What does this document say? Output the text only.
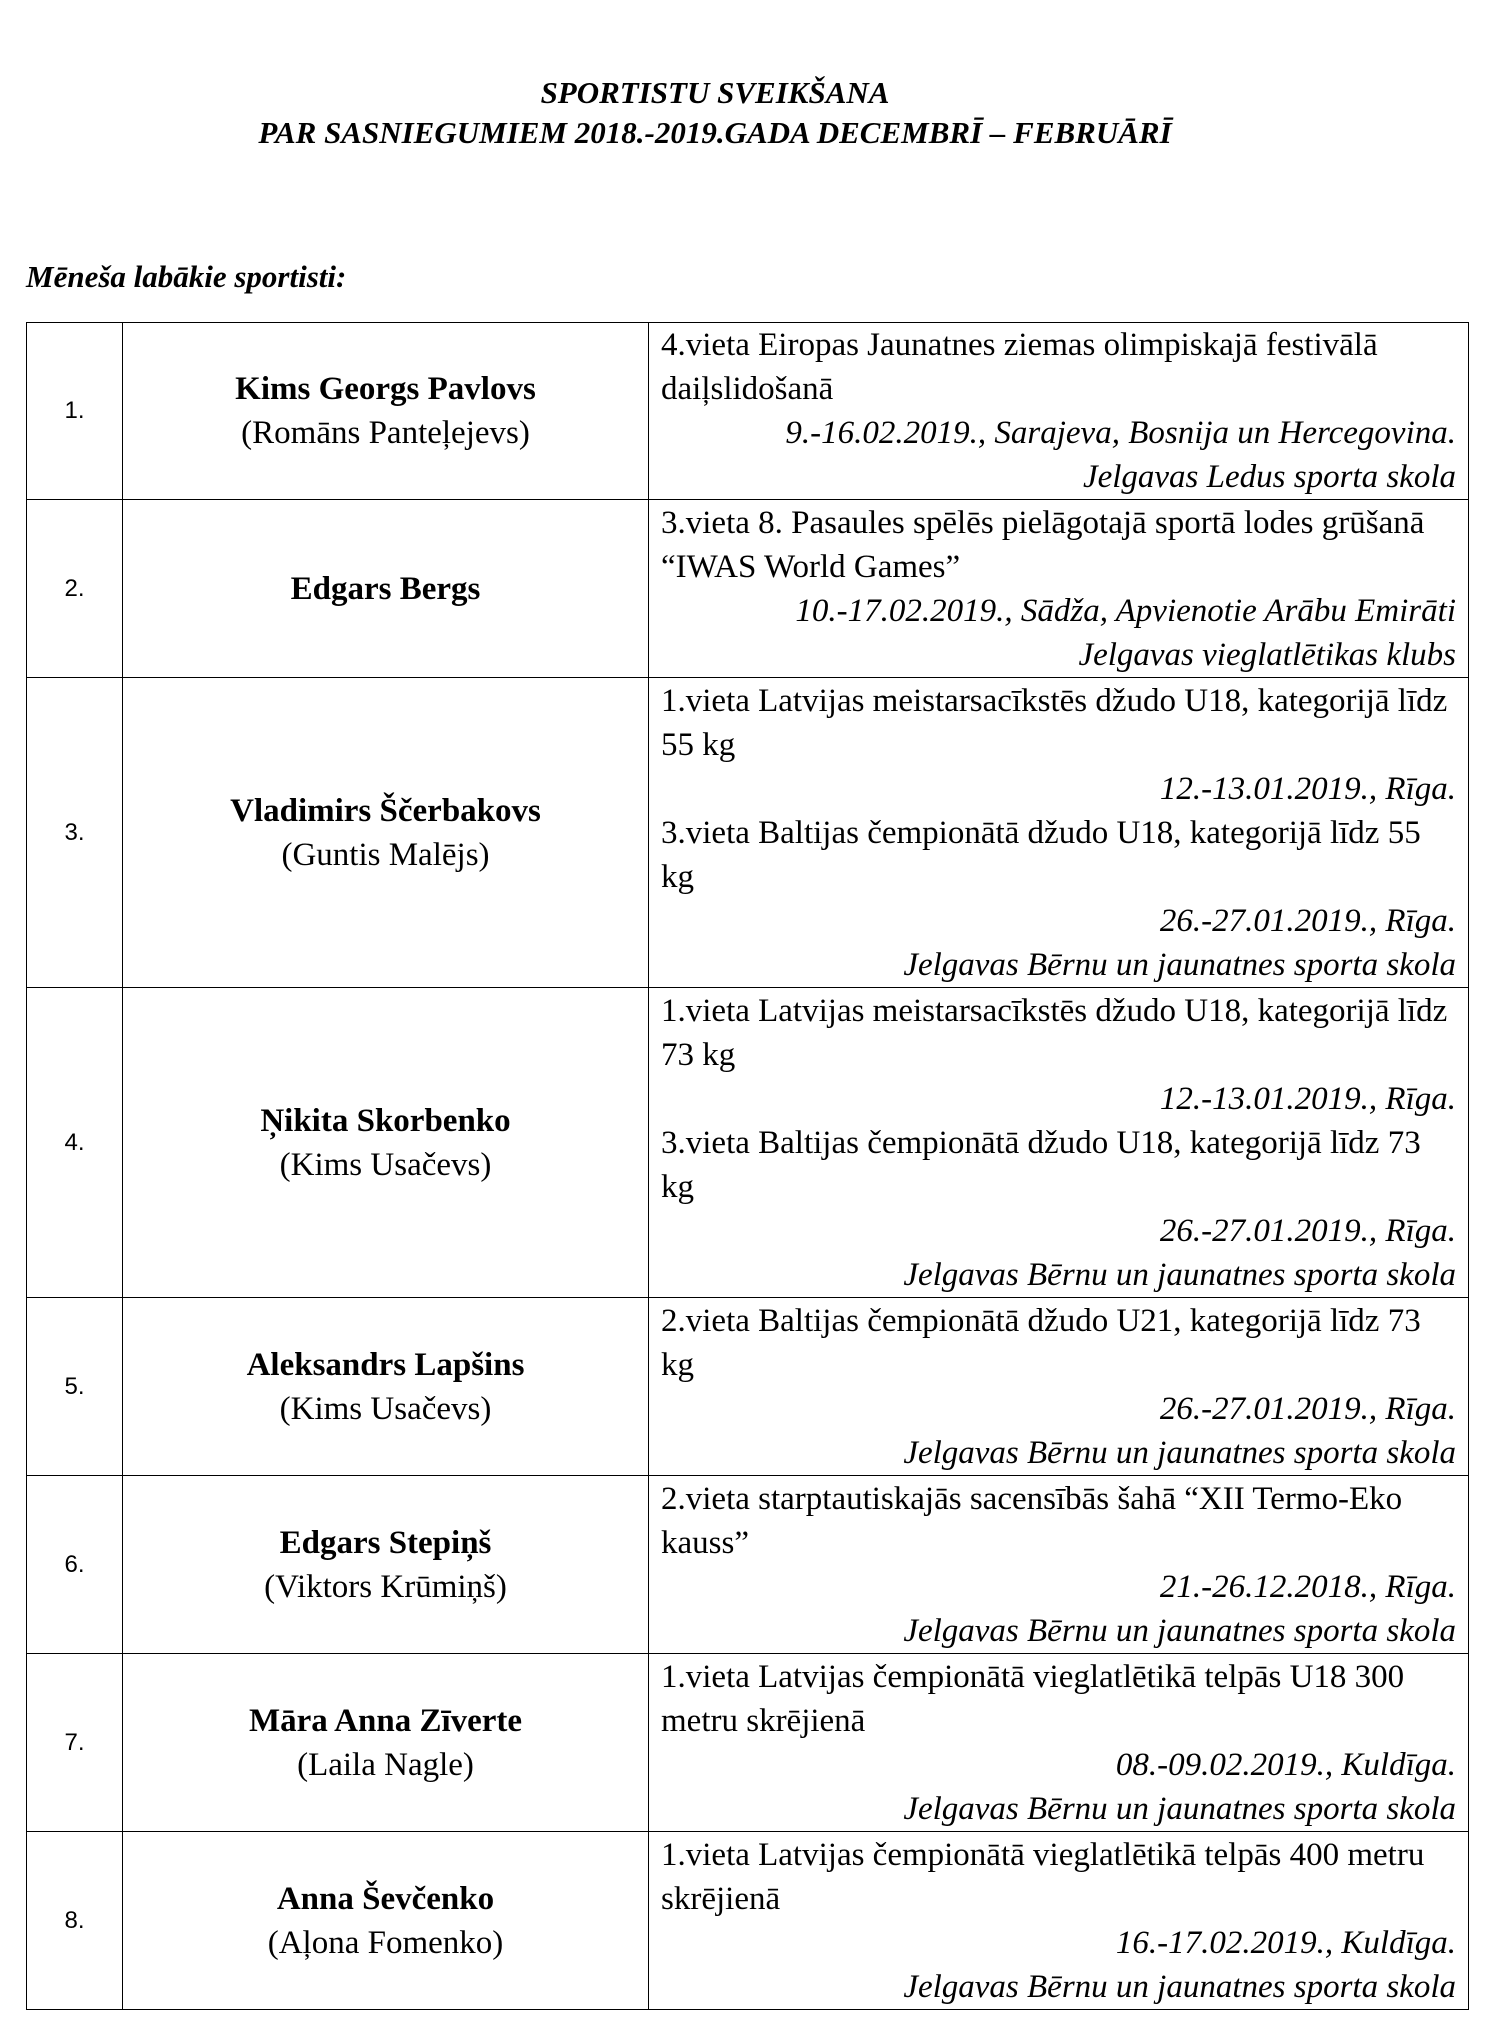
SPORTISTU SVEIKŠANA
PAR SASNIEGUMIEM 2018.-2019.GADA DECEMBRĪ – FEBRUĀRĪ
Mēneša labākie sportisti:
1.	Kims Georgs Pavlovs
(Romāns Panteļejevs)	4.vieta Eiropas Jaunatnes ziemas olimpiskajā festivālā daiļslidošanā
9.-16.02.2019., Sarajeva, Bosnija un Hercegovina.
Jelgavas Ledus sporta skola

2.	Edgars Bergs	3.vieta 8. Pasaules spēlēs pielāgotajā sportā lodes grūšanā “IWAS World Games”
10.-17.02.2019., Sādža, Apvienotie Arābu Emirāti
Jelgavas vieglatlētikas klubs

3.	Vladimirs Ščerbakovs
(Guntis Malējs)	1.vieta Latvijas meistarsacīkstēs džudo U18, kategorijā līdz 55 kg
12.-13.01.2019., Rīga.
3.vieta Baltijas čempionātā džudo U18, kategorijā līdz 55 kg
26.-27.01.2019., Rīga.
Jelgavas Bērnu un jaunatnes sporta skola

4.	Ņikita Skorbenko
(Kims Usačevs)	1.vieta Latvijas meistarsacīkstēs džudo U18, kategorijā līdz 73 kg
12.-13.01.2019., Rīga.
3.vieta Baltijas čempionātā džudo U18, kategorijā līdz 73 kg
26.-27.01.2019., Rīga.
Jelgavas Bērnu un jaunatnes sporta skola

5.	Aleksandrs Lapšins
(Kims Usačevs)	2.vieta Baltijas čempionātā džudo U21, kategorijā līdz 73 kg
26.-27.01.2019., Rīga.
Jelgavas Bērnu un jaunatnes sporta skola

6.	Edgars Stepiņš
(Viktors Krūmiņš)	2.vieta starptautiskajās sacensībās šahā “XII Termo-Eko kauss”
21.-26.12.2018., Rīga.
Jelgavas Bērnu un jaunatnes sporta skola

7.	Māra Anna Zīverte
(Laila Nagle)	1.vieta Latvijas čempionātā vieglatlētikā telpās U18 300 metru skrējienā
08.-09.02.2019., Kuldīga.
Jelgavas Bērnu un jaunatnes sporta skola

8.	Anna Ševčenko
(Aļona Fomenko)	1.vieta Latvijas čempionātā vieglatlētikā telpās 400 metru skrējienā
16.-17.02.2019., Kuldīga.
Jelgavas Bērnu un jaunatnes sporta skola
